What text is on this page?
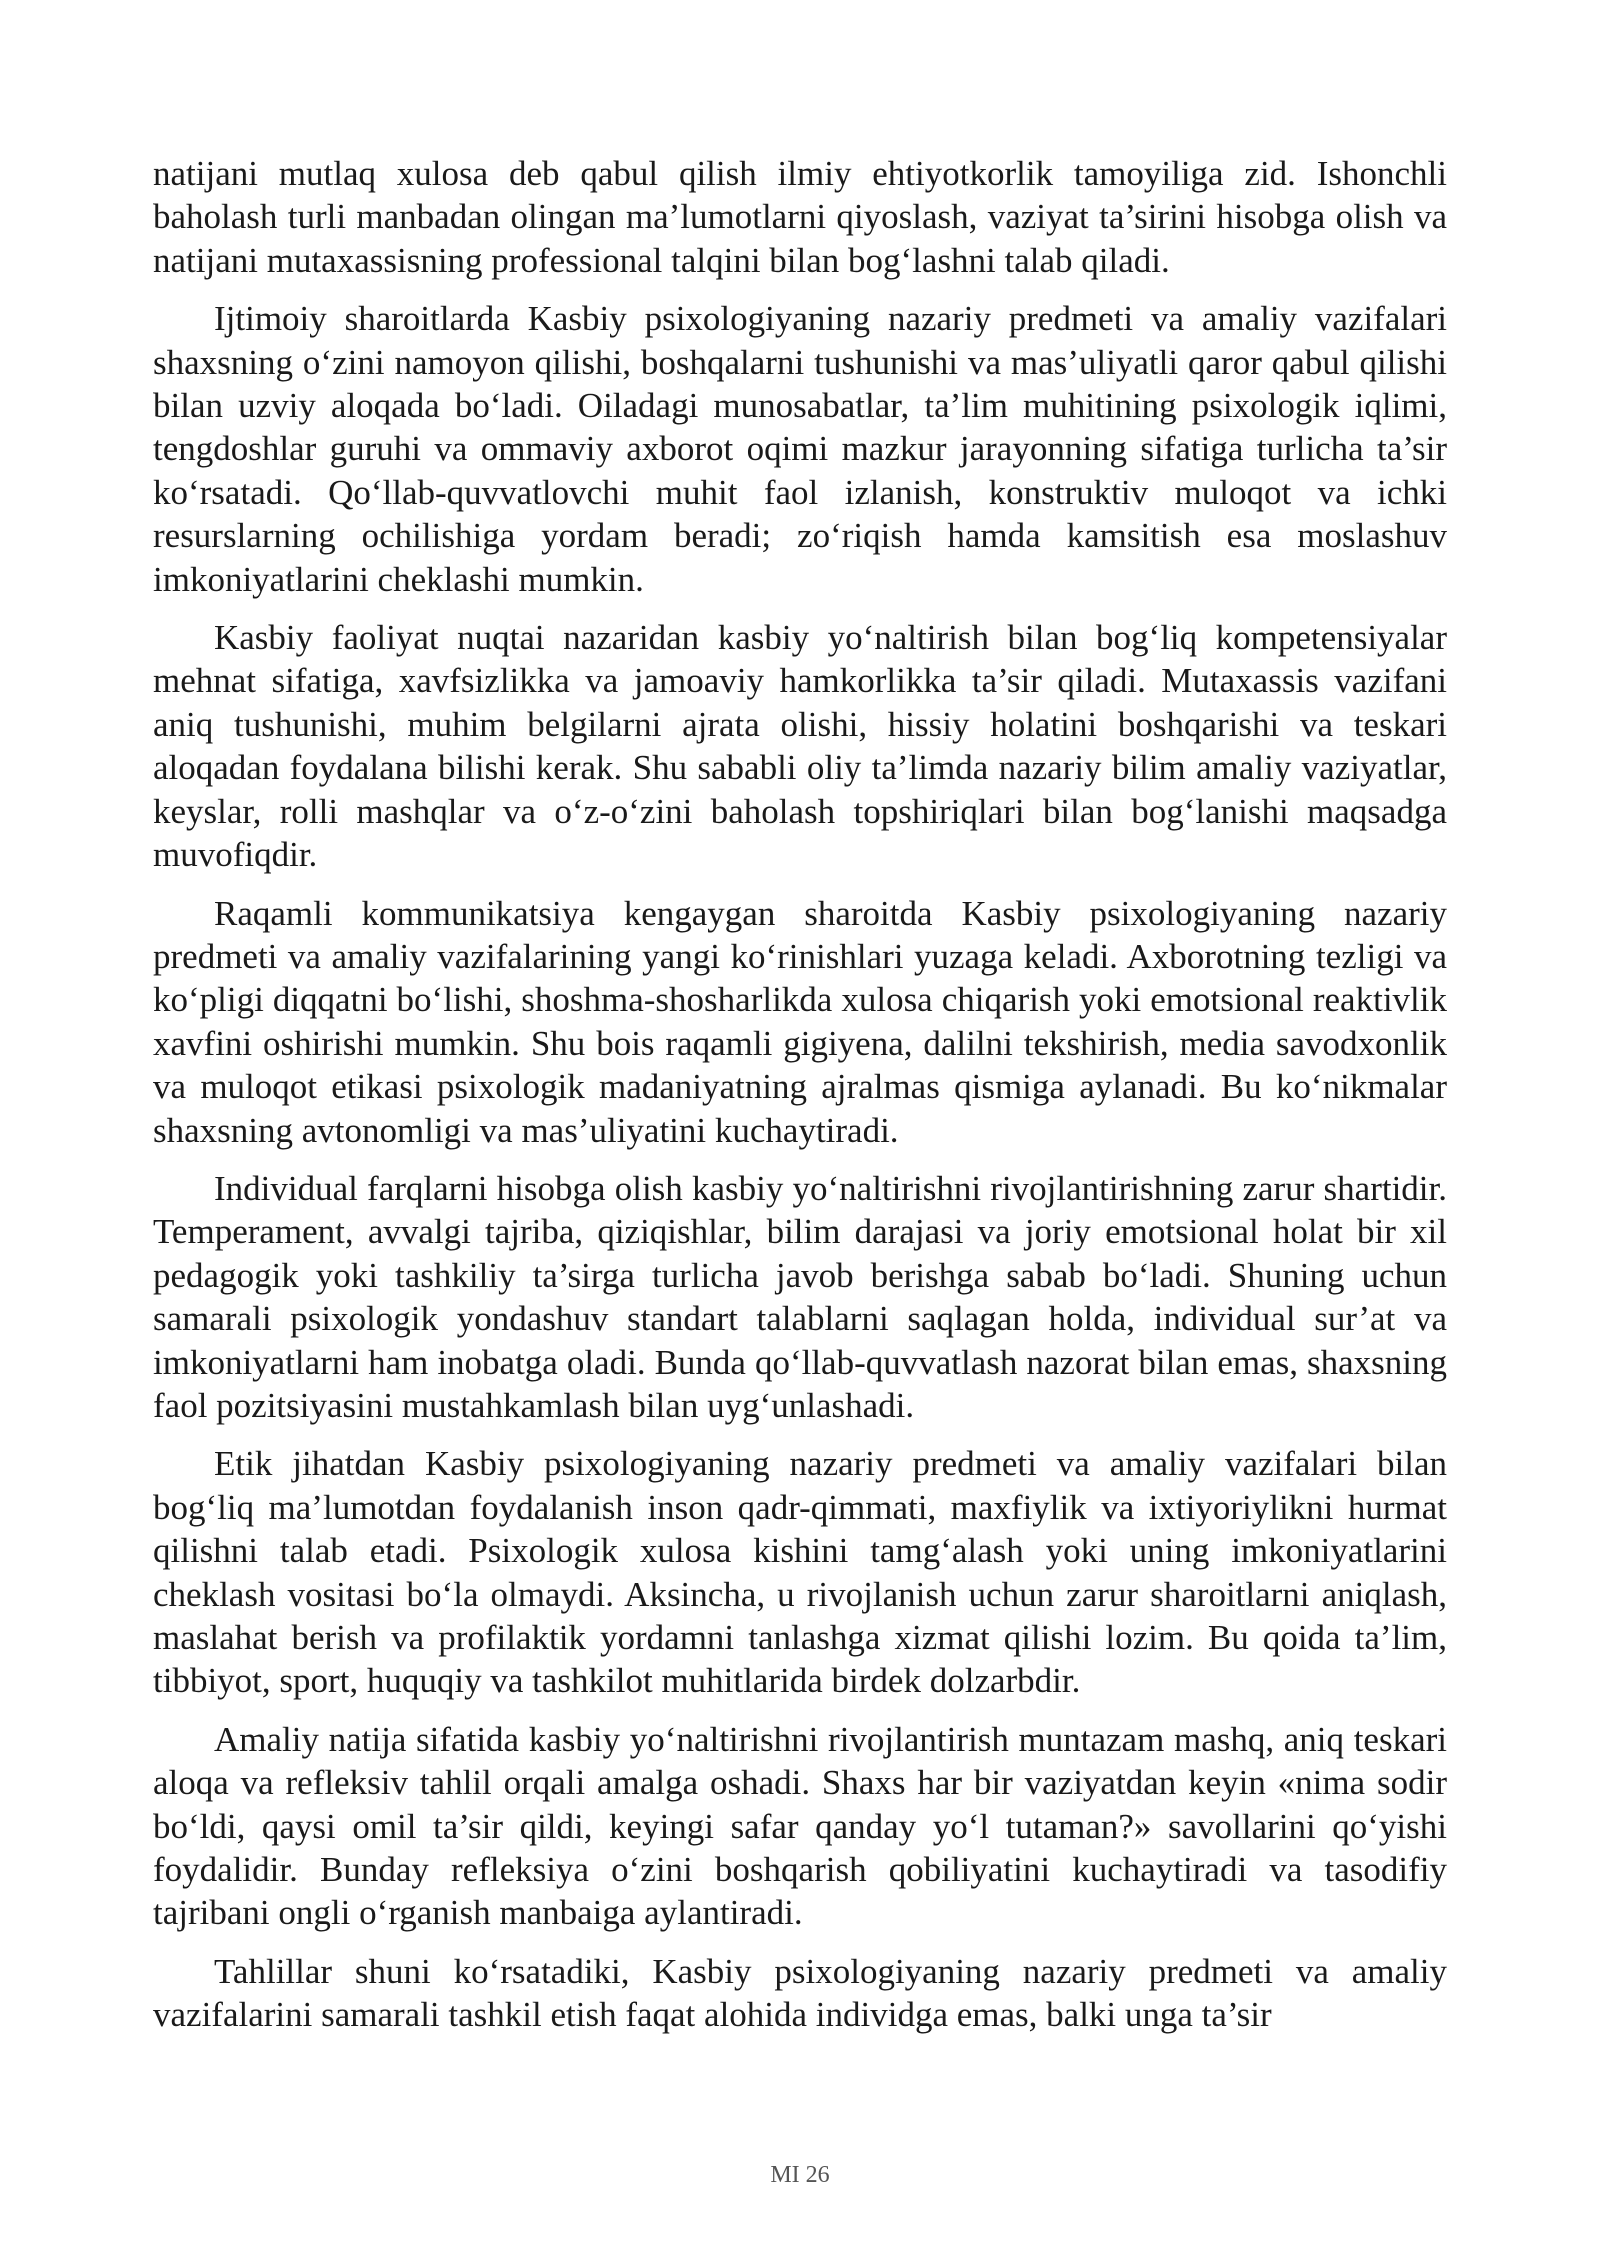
natijani mutlaq xulosa deb qabul qilish ilmiy ehtiyotkorlik tamoyiliga zid. Ishonchli baholash turli manbadan olingan ma’lumotlarni qiyoslash, vaziyat ta’sirini hisobga olish va natijani mutaxassisning professional talqini bilan bog‘lashni talab qiladi.

Ijtimoiy sharoitlarda Kasbiy psixologiyaning nazariy predmeti va amaliy vazifalari shaxsning o‘zini namoyon qilishi, boshqalarni tushunishi va mas’uliyatli qaror qabul qilishi bilan uzviy aloqada bo‘ladi. Oiladagi munosabatlar, ta’lim muhitining psixologik iqlimi, tengdoshlar guruhi va ommaviy axborot oqimi mazkur jarayonning sifatiga turlicha ta’sir ko‘rsatadi. Qo‘llab-quvvatlovchi muhit faol izlanish, konstruktiv muloqot va ichki resurslarning ochilishiga yordam beradi; zo‘riqish hamda kamsitish esa moslashuv imkoniyatlarini cheklashi mumkin.

Kasbiy faoliyat nuqtai nazaridan kasbiy yo‘naltirish bilan bog‘liq kompetensiyalar mehnat sifatiga, xavfsizlikka va jamoaviy hamkorlikka ta’sir qiladi. Mutaxassis vazifani aniq tushunishi, muhim belgilarni ajrata olishi, hissiy holatini boshqarishi va teskari aloqadan foydalana bilishi kerak. Shu sababli oliy ta’limda nazariy bilim amaliy vaziyatlar, keyslar, rolli mashqlar va o‘z-o‘zini baholash topshiriqlari bilan bog‘lanishi maqsadga muvofiqdir.

Raqamli kommunikatsiya kengaygan sharoitda Kasbiy psixologiyaning nazariy predmeti va amaliy vazifalarining yangi ko‘rinishlari yuzaga keladi. Axborotning tezligi va ko‘pligi diqqatni bo‘lishi, shoshma-shosharlikda xulosa chiqarish yoki emotsional reaktivlik xavfini oshirishi mumkin. Shu bois raqamli gigiyena, dalilni tekshirish, media savodxonlik va muloqot etikasi psixologik madaniyatning ajralmas qismiga aylanadi. Bu ko‘nikmalar shaxsning avtonomligi va mas’uliyatini kuchaytiradi.

Individual farqlarni hisobga olish kasbiy yo‘naltirishni rivojlantirishning zarur shartidir. Temperament, avvalgi tajriba, qiziqishlar, bilim darajasi va joriy emotsional holat bir xil pedagogik yoki tashkiliy ta’sirga turlicha javob berishga sabab bo‘ladi. Shuning uchun samarali psixologik yondashuv standart talablarni saqlagan holda, individual sur’at va imkoniyatlarni ham inobatga oladi. Bunda qo‘llab-quvvatlash nazorat bilan emas, shaxsning faol pozitsiyasini mustahkamlash bilan uyg‘unlashadi.

Etik jihatdan Kasbiy psixologiyaning nazariy predmeti va amaliy vazifalari bilan bog‘liq ma’lumotdan foydalanish inson qadr-qimmati, maxfiylik va ixtiyoriylikni hurmat qilishni talab etadi. Psixologik xulosa kishini tamg‘alash yoki uning imkoniyatlarini cheklash vositasi bo‘la olmaydi. Aksincha, u rivojlanish uchun zarur sharoitlarni aniqlash, maslahat berish va profilaktik yordamni tanlashga xizmat qilishi lozim. Bu qoida ta’lim, tibbiyot, sport, huquqiy va tashkilot muhitlarida birdek dolzarbdir.

Amaliy natija sifatida kasbiy yo‘naltirishni rivojlantirish muntazam mashq, aniq teskari aloqa va refleksiv tahlil orqali amalga oshadi. Shaxs har bir vaziyatdan keyin «nima sodir bo‘ldi, qaysi omil ta’sir qildi, keyingi safar qanday yo‘l tutaman?» savollarini qo‘yishi foydalidir. Bunday refleksiya o‘zini boshqarish qobiliyatini kuchaytiradi va tasodifiy tajribani ongli o‘rganish manbaiga aylantiradi.

Tahlillar shuni ko‘rsatadiki, Kasbiy psixologiyaning nazariy predmeti va amaliy vazifalarini samarali tashkil etish faqat alohida individga emas, balki unga ta’sir

MI 26
